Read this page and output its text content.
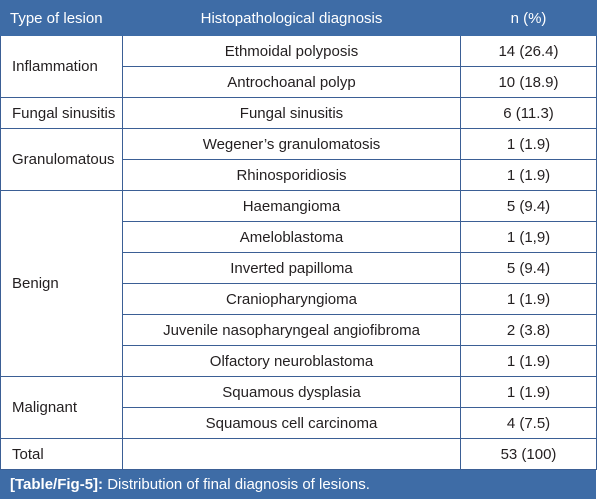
Type of lesion	Histopathological diagnosis	n (%)
Inflammation	Ethmoidal polyposis	14 (26.4)
	Antrochoanal polyp	10 (18.9)
Fungal sinusitis	Fungal sinusitis	6 (11.3)
Granulomatous	Wegener’s granulomatosis	1 (1.9)
	Rhinosporidiosis	1 (1.9)
Benign	Haemangioma	5 (9.4)
	Ameloblastoma	1 (1,9)
	Inverted papilloma	5 (9.4)
	Craniopharyngioma	1 (1.9)
	Juvenile nasopharyngeal angiofibroma	2 (3.8)
	Olfactory neuroblastoma	1 (1.9)
Malignant	Squamous dysplasia	1 (1.9)
	Squamous cell carcinoma	4 (7.5)
Total		53 (100)
[Table/Fig-5]: Distribution of final diagnosis of lesions.
